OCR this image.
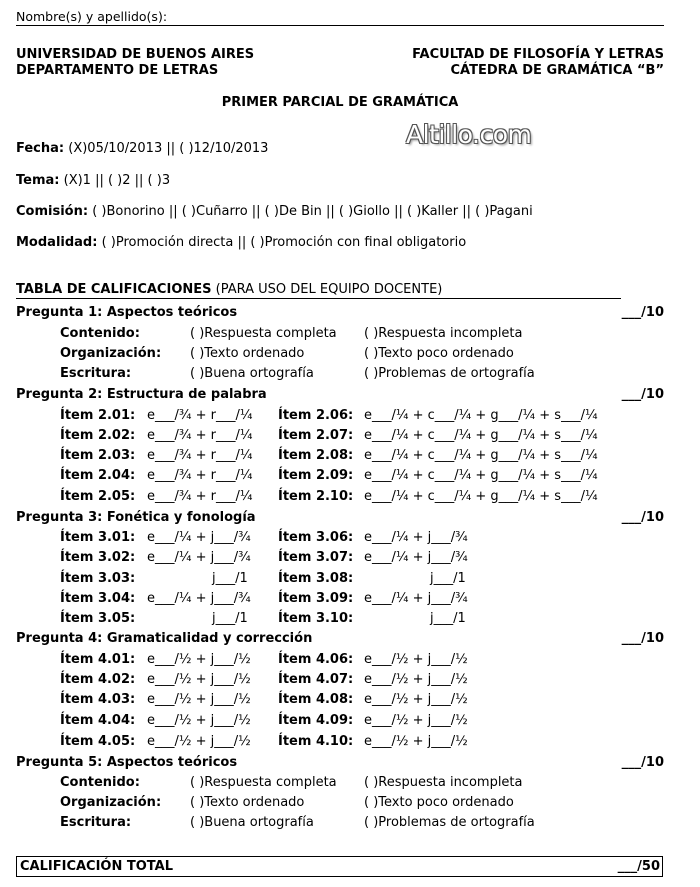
Nombre(s) y apellido(s):
UNIVERSIDAD DE BUENOS AIRES
DEPARTAMENTO DE LETRAS
FACULTAD DE FILOSOFÍA Y LETRAS
CÁTEDRA DE GRAMÁTICA “B”
PRIMER PARCIAL DE GRAMÁTICA
Altillo.com
Fecha: (X)05/10/2013 || ( )12/10/2013
Tema: (X)1 || ( )2 || ( )3
Comisión: ( )Bonorino || ( )Cuñarro || ( )De Bin || ( )Giollo || ( )Kaller || ( )Pagani
Modalidad: ( )Promoción directa || ( )Promoción con final obligatorio
TABLA DE CALIFICACIONES (PARA USO DEL EQUIPO DOCENTE)
Pregunta 1: Aspectos teóricos	___/10
Contenido:	( )Respuesta completa ( )Respuesta incompleta
Organización: ( )Texto ordenado	( )Texto poco ordenado
Escritura:	( )Buena ortografía	( )Problemas de ortografía
Pregunta 2: Estructura de palabra	___/10
Ítem 2.01: e___/¾ + r___/¼ Ítem 2.06: e___/¼ + c___/¼ + g___/¼ + s___/¼
Ítem 2.02: e___/¾ + r___/¼ Ítem 2.07: e___/¼ + c___/¼ + g___/¼ + s___/¼
Ítem 2.03: e___/¾ + r___/¼ Ítem 2.08: e___/¼ + c___/¼ + g___/¼ + s___/¼
Ítem 2.04: e___/¾ + r___/¼ Ítem 2.09: e___/¼ + c___/¼ + g___/¼ + s___/¼
Ítem 2.05: e___/¾ + r___/¼ Ítem 2.10: e___/¼ + c___/¼ + g___/¼ + s___/¼
Pregunta 3: Fonética y fonología	___/10
Ítem 3.01: e___/¼ + j___/¾ Ítem 3.06: e___/¼ + j___/¾
Ítem 3.02: e___/¼ + j___/¾ Ítem 3.07: e___/¼ + j___/¾
Ítem 3.03:	j___/1 Ítem 3.08:	j___/1
Ítem 3.04: e___/¼ + j___/¾ Ítem 3.09: e___/¼ + j___/¾
Ítem 3.05:	j___/1 Ítem 3.10:	j___/1
Pregunta 4: Gramaticalidad y corrección	___/10
Ítem 4.01: e___/½ + j___/½ Ítem 4.06: e___/½ + j___/½
Ítem 4.02: e___/½ + j___/½ Ítem 4.07: e___/½ + j___/½
Ítem 4.03: e___/½ + j___/½ Ítem 4.08: e___/½ + j___/½
Ítem 4.04: e___/½ + j___/½ Ítem 4.09: e___/½ + j___/½
Ítem 4.05: e___/½ + j___/½ Ítem 4.10: e___/½ + j___/½
Pregunta 5: Aspectos teóricos	___/10
Contenido:	( )Respuesta completa ( )Respuesta incompleta
Organización: ( )Texto ordenado	( )Texto poco ordenado
Escritura:	( )Buena ortografía	( )Problemas de ortografía
CALIFICACIÓN TOTAL	___/50
